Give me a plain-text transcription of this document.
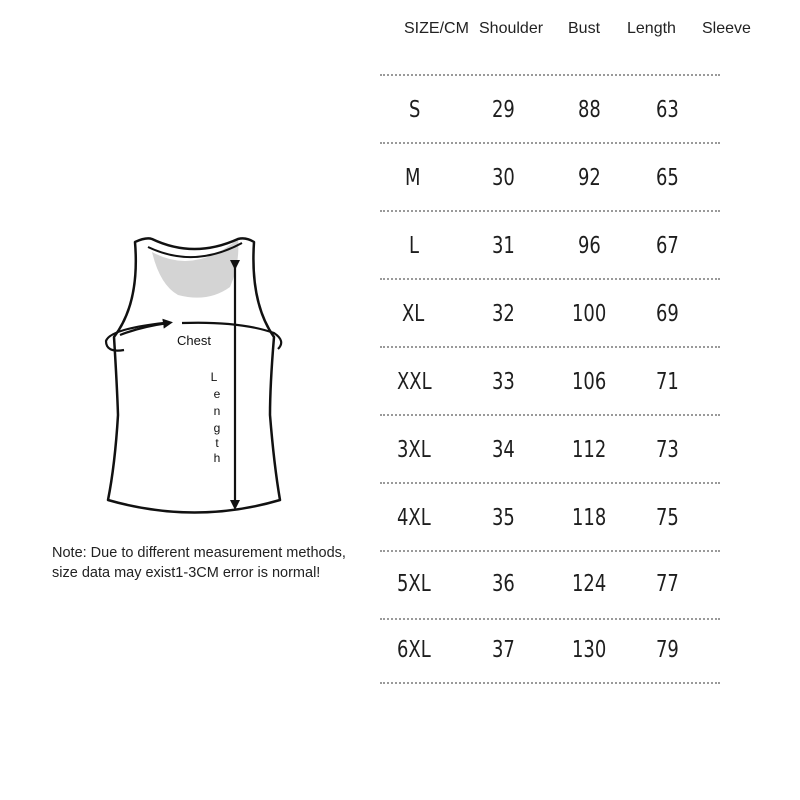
SIZE/CM Shoulder Bust Length Sleeve
S	29	88 63
M	30	92 65
L	31	96 67
XL	32 100 69
XXL	33 106 71
3XL	34 112 73
4XL	35 118 75
5XL	36 124 77
6XL	37 130 79
Chest
L
e
n
g
t
h
Note: Due to different measurement methods,
size data may exist1-3CM error is normal!
